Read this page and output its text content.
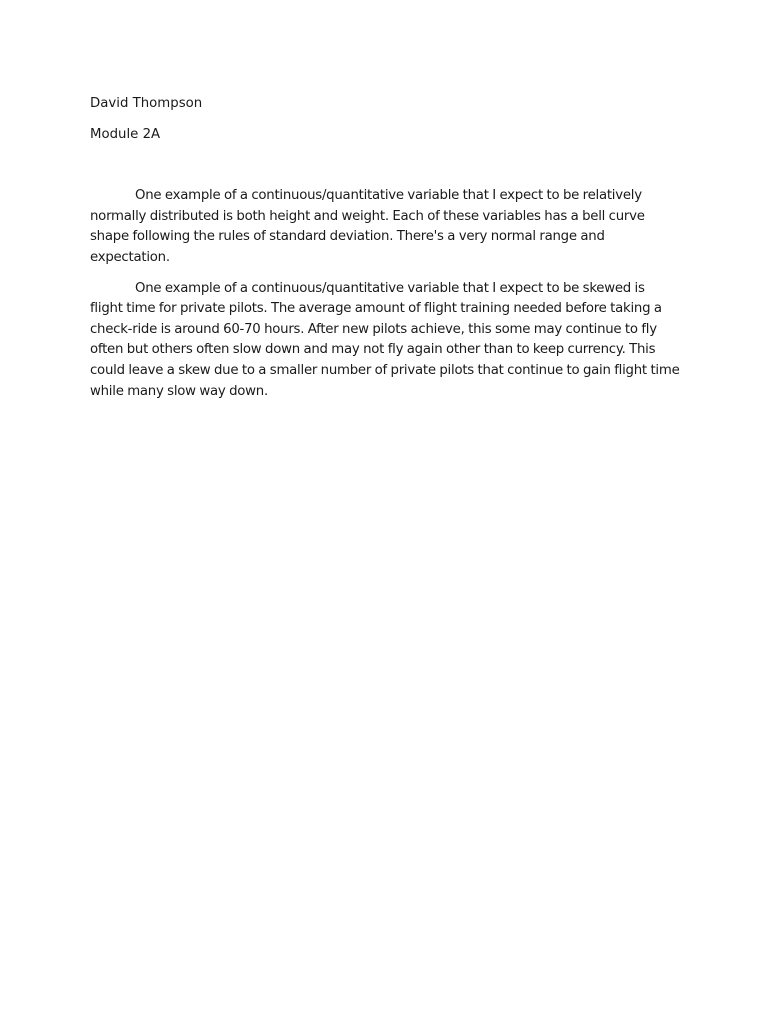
David Thompson

Module 2A

One example of a continuous/quantitative variable that I expect to be relatively normally distributed is both height and weight. Each of these variables has a bell curve shape following the rules of standard deviation. There's a very normal range and expectation.

One example of a continuous/quantitative variable that I expect to be skewed is flight time for private pilots. The average amount of flight training needed before taking a check-ride is around 60-70 hours. After new pilots achieve, this some may continue to fly often but others often slow down and may not fly again other than to keep currency. This could leave a skew due to a smaller number of private pilots that continue to gain flight time while many slow way down.
